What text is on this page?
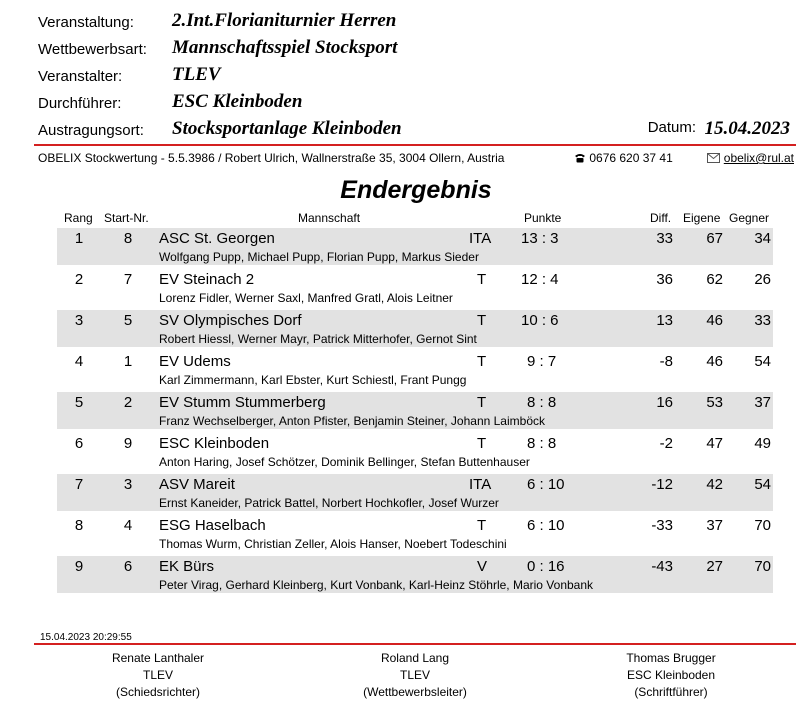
Veranstaltung: 2.Int.Florianiturnier Herren
Wettbewerbsart: Mannschaftsspiel Stocksport
Veranstalter:	TLEV
Durchführer:	ESC Kleinboden
Austragungsort: Stocksportanlage Kleinboden	Datum: 15.04.2023
OBELIX Stockwertung - 5.5.3986 / Robert Ulrich, Wallnerstraße 35, 3004 Ollern, Austria	0676 620 37 41	obelix@rul.at
Endergebnis
Rang Start-Nr.	Mannschaft	Punkte	Diff. Eigene Gegner
1	8	ASC St. Georgen	ITA 13 : 3	33	67	34
Wolfgang Pupp, Michael Pupp, Florian Pupp, Markus Sieder
2	7	EV Steinach 2	T 12 : 4	36	62	26
Lorenz Fidler, Werner Saxl, Manfred Gratl, Alois Leitner
3	5	SV Olympisches Dorf	T 10 : 6	13	46	33
Robert Hiessl, Werner Mayr, Patrick Mitterhofer, Gernot Sint
4	1	EV Udems	T	9 : 7	-8	46	54
Karl Zimmermann, Karl Ebster, Kurt Schiestl, Frant Pungg
5	2	EV Stumm Stummerberg	T	8 : 8	16	53	37
Franz Wechselberger, Anton Pfister, Benjamin Steiner, Johann Laimböck
6	9	ESC Kleinboden	T	8 : 8	-2	47	49
Anton Haring, Josef Schötzer, Dominik Bellinger, Stefan Buttenhauser
7	3	ASV Mareit	ITA 6 : 10	-12	42	54
Ernst Kaneider, Patrick Battel, Norbert Hochkofler, Josef Wurzer
8	4	ESG Haselbach	T	6 : 10	-33	37	70
Thomas Wurm, Christian Zeller, Alois Hanser, Noebert Todeschini
9	6	EK Bürs	V	0 : 16	-43	27	70
Peter Virag, Gerhard Kleinberg, Kurt Vonbank, Karl-Heinz Stöhrle, Mario Vonbank
15.04.2023 20:29:55
Renate Lanthaler
TLEV
(Schiedsrichter)
Roland Lang
TLEV
(Wettbewerbsleiter)
Thomas Brugger
ESC Kleinboden
(Schriftführer)
